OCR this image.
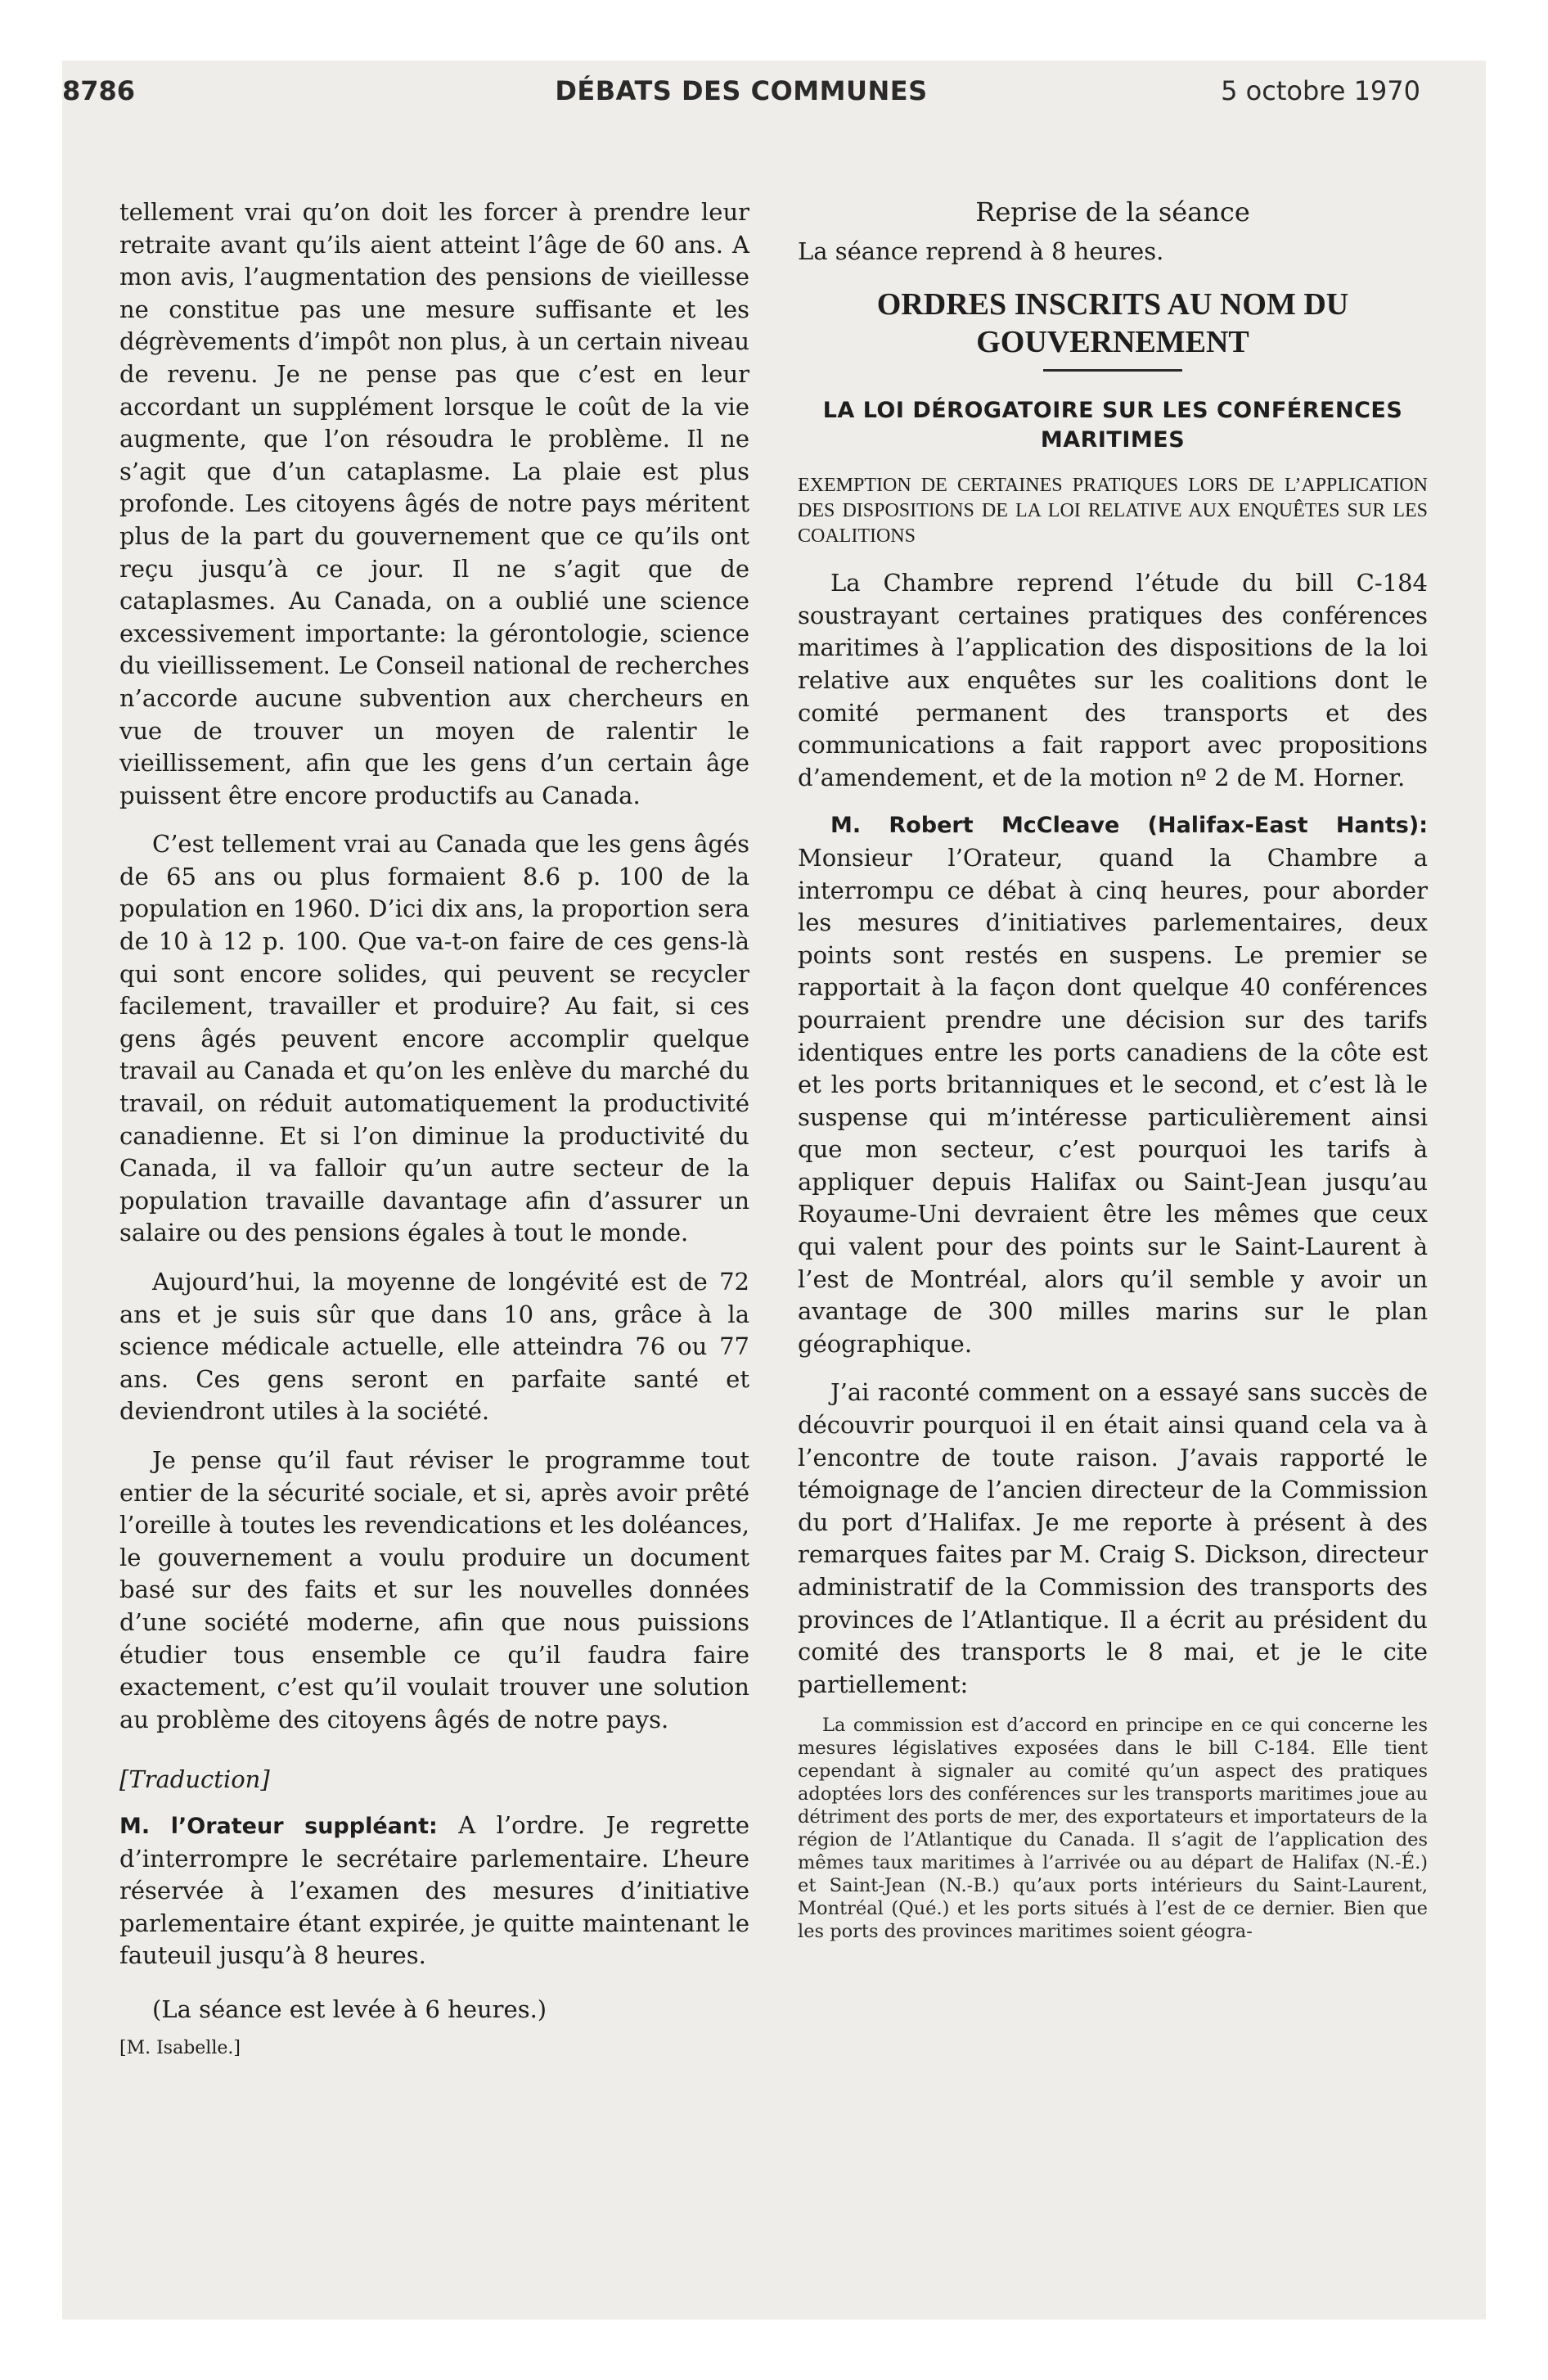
8786	DÉBATS DES COMMUNES	5 octobre 1970

tellement vrai qu’on doit les forcer à prendre leur retraite avant qu’ils aient atteint l’âge de 60 ans. A mon avis, l’augmentation des pensions de vieillesse ne constitue pas une mesure suffisante et les dégrèvements d’impôt non plus, à un certain niveau de revenu. Je ne pense pas que c’est en leur accordant un supplément lorsque le coût de la vie augmente, que l’on résoudra le problème. Il ne s’agit que d’un cataplasme. La plaie est plus profonde. Les citoyens âgés de notre pays méritent plus de la part du gouvernement que ce qu’ils ont reçu jusqu’à ce jour. Il ne s’agit que de cataplasmes. Au Canada, on a oublié une science excessivement importante: la gérontologie, science du vieillissement. Le Conseil national de recherches n’accorde aucune subvention aux chercheurs en vue de trouver un moyen de ralentir le vieillissement, afin que les gens d’un certain âge puissent être encore productifs au Canada.

C’est tellement vrai au Canada que les gens âgés de 65 ans ou plus formaient 8.6 p. 100 de la population en 1960. D’ici dix ans, la proportion sera de 10 à 12 p. 100. Que va-t-on faire de ces gens-là qui sont encore solides, qui peuvent se recycler facilement, travailler et produire? Au fait, si ces gens âgés peuvent encore accomplir quelque travail au Canada et qu’on les enlève du marché du travail, on réduit automatiquement la productivité canadienne. Et si l’on diminue la productivité du Canada, il va falloir qu’un autre secteur de la population travaille davantage afin d’assurer un salaire ou des pensions égales à tout le monde.

Aujourd’hui, la moyenne de longévité est de 72 ans et je suis sûr que dans 10 ans, grâce à la science médicale actuelle, elle atteindra 76 ou 77 ans. Ces gens seront en parfaite santé et deviendront utiles à la société.

Je pense qu’il faut réviser le programme tout entier de la sécurité sociale, et si, après avoir prêté l’oreille à toutes les revendications et les doléances, le gouvernement a voulu produire un document basé sur des faits et sur les nouvelles données d’une société moderne, afin que nous puissions étudier tous ensemble ce qu’il faudra faire exactement, c’est qu’il voulait trouver une solution au problème des citoyens âgés de notre pays.

[Traduction]

M. l’Orateur suppléant: A l’ordre. Je regrette d’interrompre le secrétaire parlementaire. L’heure réservée à l’examen des mesures d’initiative parlementaire étant expirée, je quitte maintenant le fauteuil jusqu’à 8 heures.

(La séance est levée à 6 heures.)

[M. Isabelle.]

Reprise de la séance

La séance reprend à 8 heures.

ORDRES INSCRITS AU NOM DU GOUVERNEMENT

LA LOI DÉROGATOIRE SUR LES CONFÉRENCES MARITIMES

EXEMPTION DE CERTAINES PRATIQUES LORS DE L’APPLICATION DES DISPOSITIONS DE LA LOI RELATIVE AUX ENQUÊTES SUR LES COALITIONS

La Chambre reprend l’étude du bill C-184 soustrayant certaines pratiques des conférences maritimes à l’application des dispositions de la loi relative aux enquêtes sur les coalitions dont le comité permanent des transports et des communications a fait rapport avec propositions d’amendement, et de la motion nº 2 de M. Horner.

M. Robert McCleave (Halifax-East Hants): Monsieur l’Orateur, quand la Chambre a interrompu ce débat à cinq heures, pour aborder les mesures d’initiatives parlementaires, deux points sont restés en suspens. Le premier se rapportait à la façon dont quelque 40 conférences pourraient prendre une décision sur des tarifs identiques entre les ports canadiens de la côte est et les ports britanniques et le second, et c’est là le suspense qui m’intéresse particulièrement ainsi que mon secteur, c’est pourquoi les tarifs à appliquer depuis Halifax ou Saint-Jean jusqu’au Royaume-Uni devraient être les mêmes que ceux qui valent pour des points sur le Saint-Laurent à l’est de Montréal, alors qu’il semble y avoir un avantage de 300 milles marins sur le plan géographique.

J’ai raconté comment on a essayé sans succès de découvrir pourquoi il en était ainsi quand cela va à l’encontre de toute raison. J’avais rapporté le témoignage de l’ancien directeur de la Commission du port d’Halifax. Je me reporte à présent à des remarques faites par M. Craig S. Dickson, directeur administratif de la Commission des transports des provinces de l’Atlantique. Il a écrit au président du comité des transports le 8 mai, et je le cite partiellement:

La commission est d’accord en principe en ce qui concerne les mesures législatives exposées dans le bill C-184. Elle tient cependant à signaler au comité qu’un aspect des pratiques adoptées lors des conférences sur les transports maritimes joue au détriment des ports de mer, des exportateurs et importateurs de la région de l’Atlantique du Canada. Il s’agit de l’application des mêmes taux maritimes à l’arrivée ou au départ de Halifax (N.-É.) et Saint-Jean (N.-B.) qu’aux ports intérieurs du Saint-Laurent, Montréal (Qué.) et les ports situés à l’est de ce dernier. Bien que les ports des provinces maritimes soient géogra-
